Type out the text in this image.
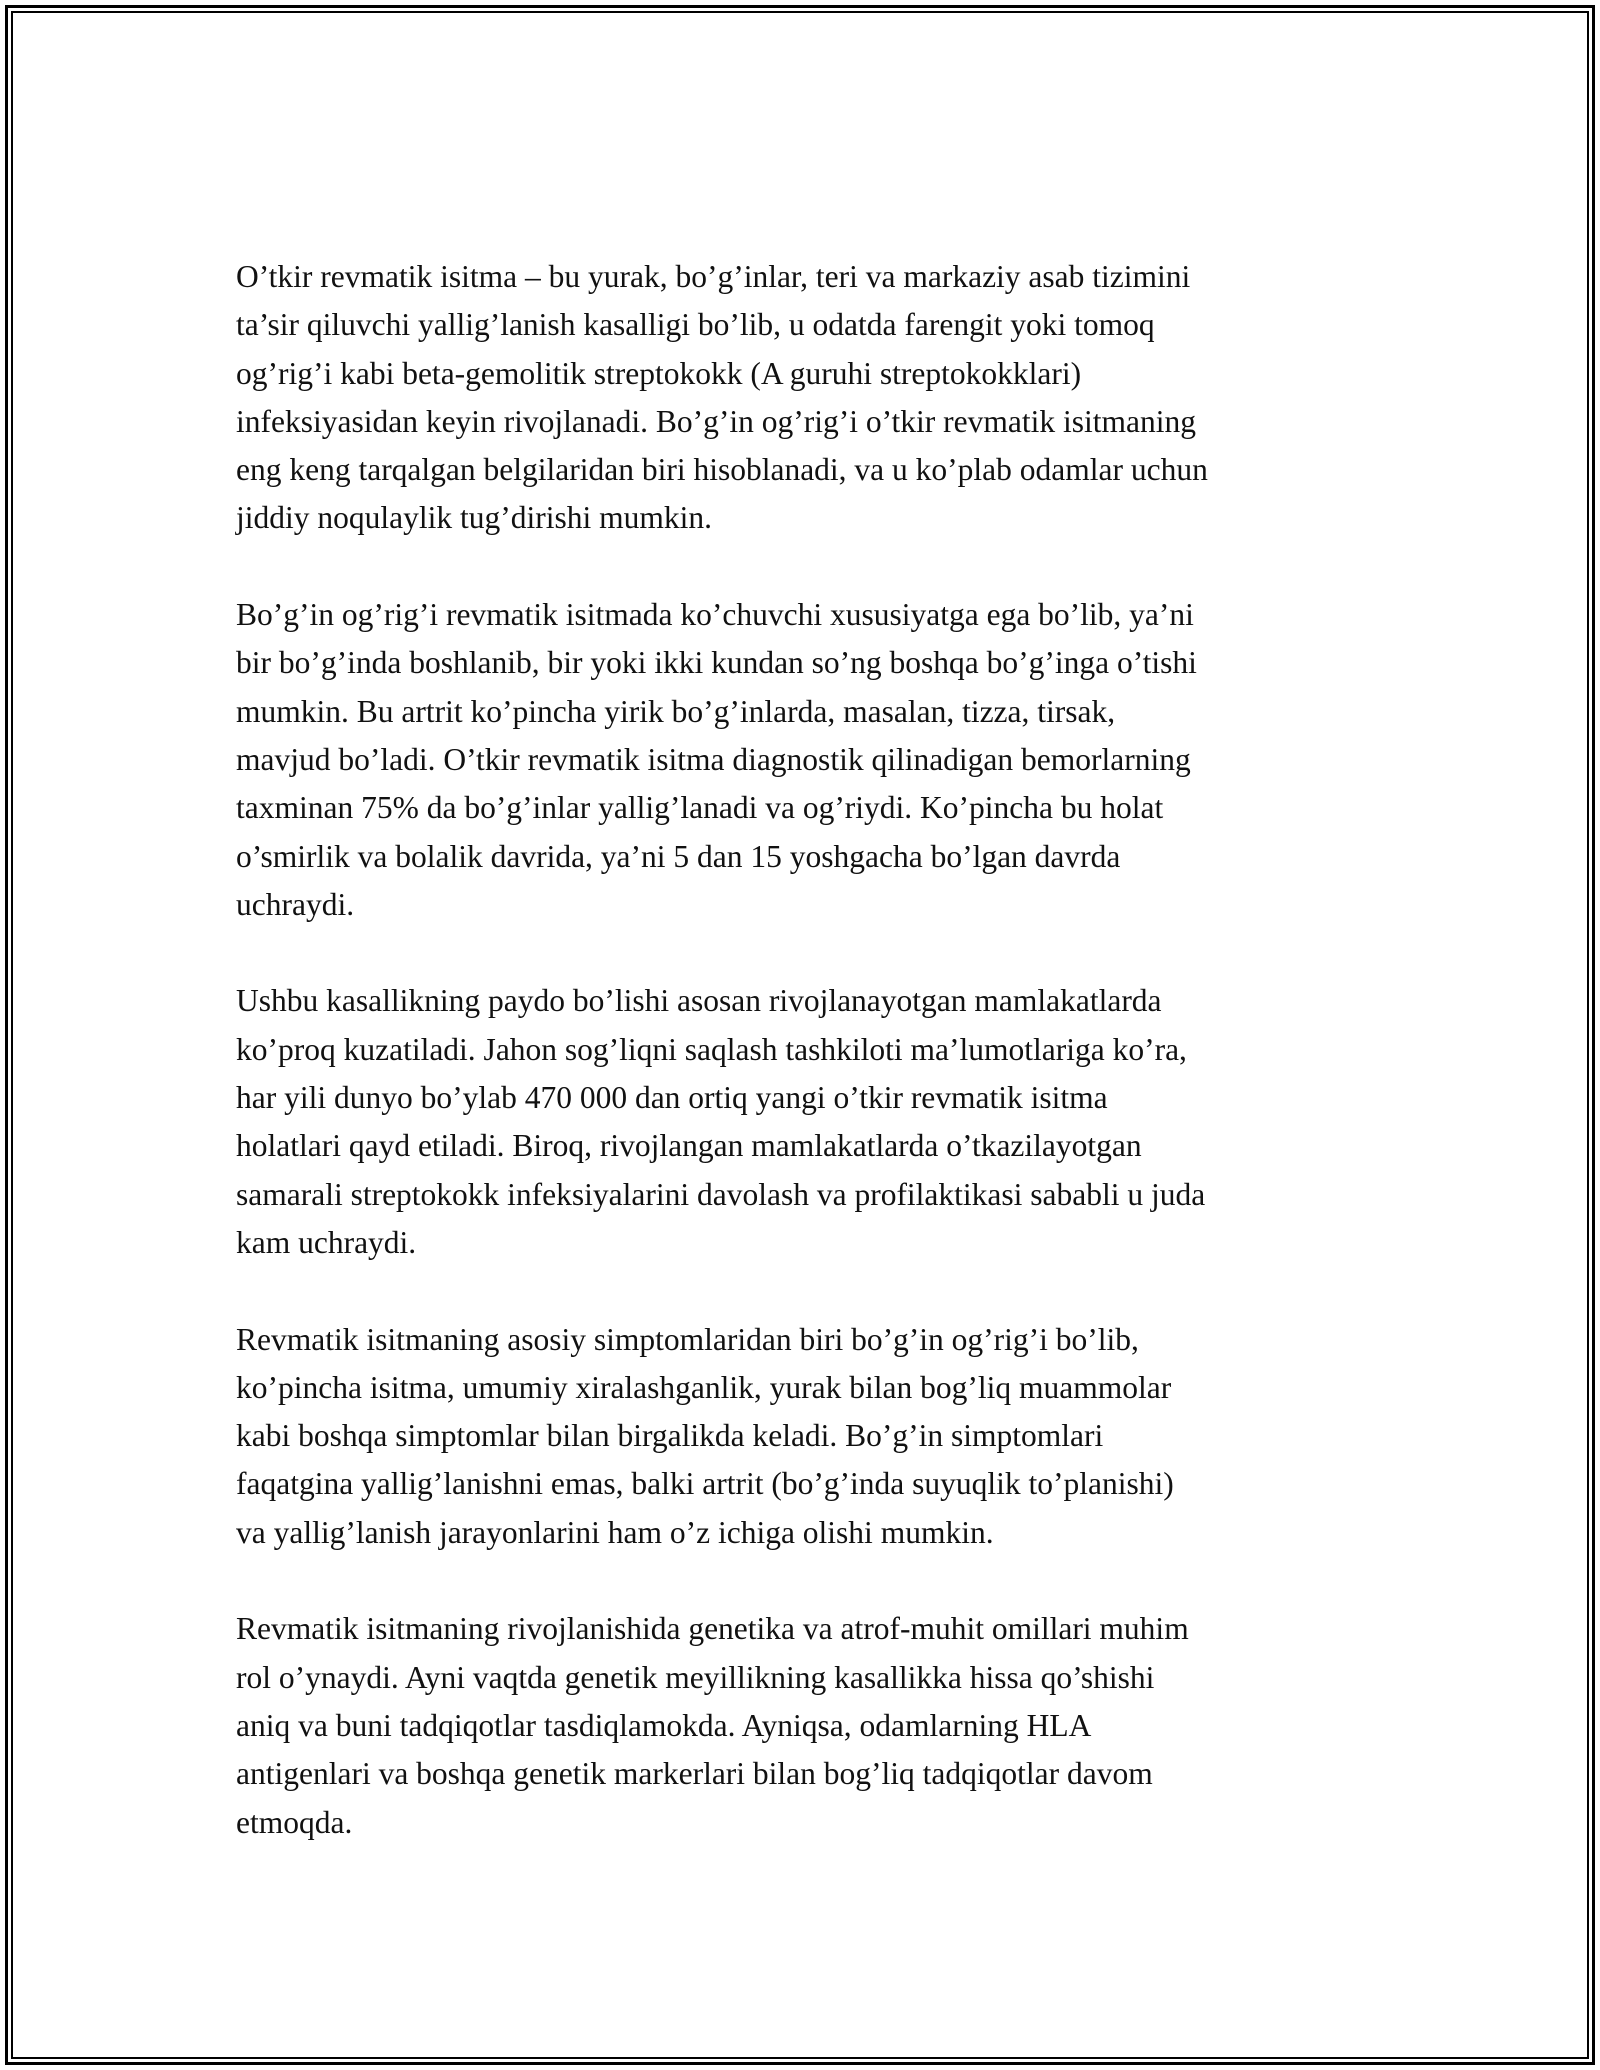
O’tkir revmatik isitma – bu yurak, bo’g’inlar, teri va markaziy asab tizimini
ta’sir qiluvchi yallig’lanish kasalligi bo’lib, u odatda farengit yoki tomoq
og’rig’i kabi beta-gemolitik streptokokk (A guruhi streptokokklari)
infeksiyasidan keyin rivojlanadi. Bo’g’in og’rig’i o’tkir revmatik isitmaning
eng keng tarqalgan belgilaridan biri hisoblanadi, va u ko’plab odamlar uchun
jiddiy noqulaylik tug’dirishi mumkin.

Bo’g’in og’rig’i revmatik isitmada ko’chuvchi xususiyatga ega bo’lib, ya’ni
bir bo’g’inda boshlanib, bir yoki ikki kundan so’ng boshqa bo’g’inga o’tishi
mumkin. Bu artrit ko’pincha yirik bo’g’inlarda, masalan, tizza, tirsak,
mavjud bo’ladi. O’tkir revmatik isitma diagnostik qilinadigan bemorlarning
taxminan 75% da bo’g’inlar yallig’lanadi va og’riydi. Ko’pincha bu holat
o’smirlik va bolalik davrida, ya’ni 5 dan 15 yoshgacha bo’lgan davrda
uchraydi.

Ushbu kasallikning paydo bo’lishi asosan rivojlanayotgan mamlakatlarda
ko’proq kuzatiladi. Jahon sog’liqni saqlash tashkiloti ma’lumotlariga ko’ra,
har yili dunyo bo’ylab 470 000 dan ortiq yangi o’tkir revmatik isitma
holatlari qayd etiladi. Biroq, rivojlangan mamlakatlarda o’tkazilayotgan
samarali streptokokk infeksiyalarini davolash va profilaktikasi sababli u juda
kam uchraydi.

Revmatik isitmaning asosiy simptomlaridan biri bo’g’in og’rig’i bo’lib,
ko’pincha isitma, umumiy xiralashganlik, yurak bilan bog’liq muammolar
kabi boshqa simptomlar bilan birgalikda keladi. Bo’g’in simptomlari
faqatgina yallig’lanishni emas, balki artrit (bo’g’inda suyuqlik to’planishi)
va yallig’lanish jarayonlarini ham o’z ichiga olishi mumkin.

Revmatik isitmaning rivojlanishida genetika va atrof-muhit omillari muhim
rol o’ynaydi. Ayni vaqtda genetik meyillikning kasallikka hissa qo’shishi
aniq va buni tadqiqotlar tasdiqlamokda. Ayniqsa, odamlarning HLA
antigenlari va boshqa genetik markerlari bilan bog’liq tadqiqotlar davom
etmoqda.
